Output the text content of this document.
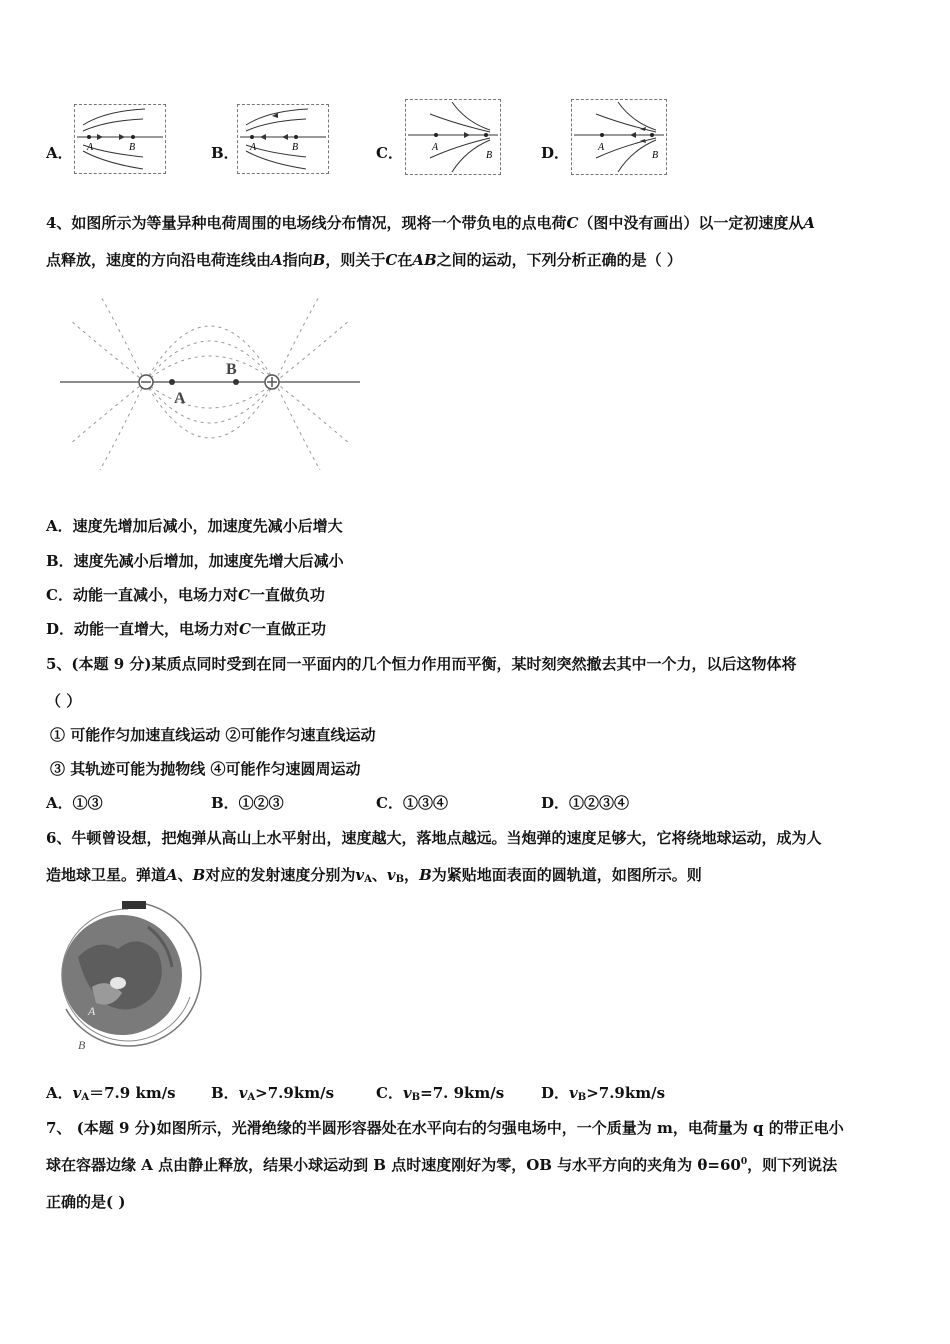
A． A	B	B． A	B	C．	A
B	D．	A
B
4、如图所示为等量异种电荷周围的电场线分布情况，现将一个带负电的点电荷C（图中没有画出）以一定初速度从A
点释放，速度的方向沿电荷连线由A指向B，则关于C在AB之间的运动，下列分析正确的是（ ）
A
B
A．速度先增加后减小，加速度先减小后增大
B．速度先减小后增加，加速度先增大后减小
C．动能一直减小，电场力对C一直做负功
D．动能一直增大，电场力对C一直做正功
5、(本题 9 分)某质点同时受到在同一平面内的几个恒力作用而平衡，某时刻突然撤去其中一个力，以后这物体将
（ ）
① 可能作匀加速直线运动 ②可能作匀速直线运动
③ 其轨迹可能为抛物线 ④可能作匀速圆周运动
A．①③	B．①②③	C．①③④	D．①②③④
6、牛顿曾设想，把炮弹从高山上水平射出，速度越大，落地点越远。当炮弹的速度足够大，它将绕地球运动，成为人
造地球卫星。弹道A、B对应的发射速度分别为$v_A$、$v_B$，B为紧贴地面表面的圆轨道，如图所示。则
A
B
A．$v_A=7.9$ km/s B．$v_A>7.9km/s$	C．$v_B=7$. 9km/s D．$v_B>7.9km/s$
7、 (本题 9 分)如图所示，光滑绝缘的半圆形容器处在水平向右的匀强电场中，一个质量为 m，电荷量为 q 的带正电小
球在容器边缘 A 点由静止释放，结果小球运动到 B 点时速度刚好为零，OB 与水平方向的夹角为 $\theta=60^0$，则下列说法
正确的是( )
